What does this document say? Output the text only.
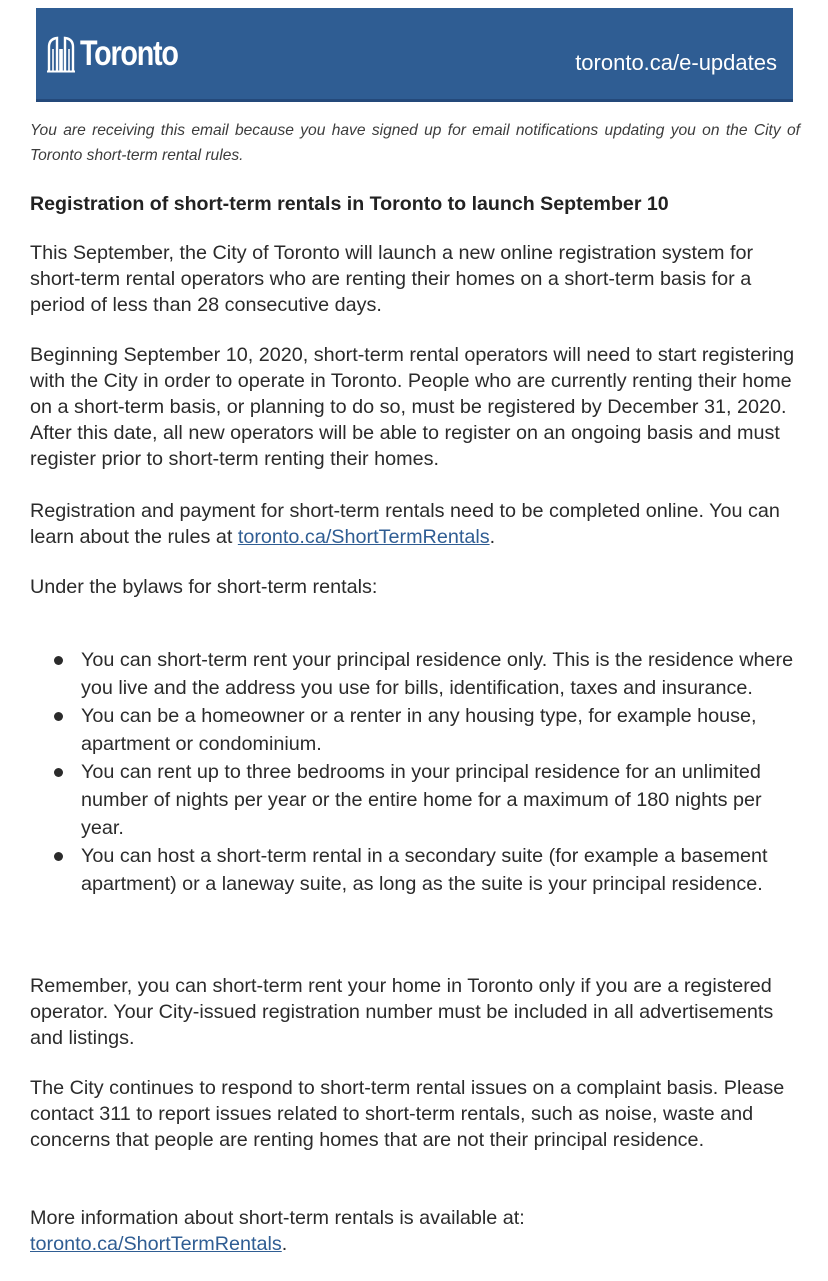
Toronto	toronto.ca/e-updates

You are receiving this email because you have signed up for email notifications updating you on the City of Toronto short-term rental rules.

Registration of short-term rentals in Toronto to launch September 10

This September, the City of Toronto will launch a new online registration system for short-term rental operators who are renting their homes on a short-term basis for a period of less than 28 consecutive days.

Beginning September 10, 2020, short-term rental operators will need to start registering with the City in order to operate in Toronto. People who are currently renting their home on a short-term basis, or planning to do so, must be registered by December 31, 2020. After this date, all new operators will be able to register on an ongoing basis and must register prior to short-term renting their homes.

Registration and payment for short-term rentals need to be completed online. You can learn about the rules at toronto.ca/ShortTermRentals.

Under the bylaws for short-term rentals:

You can short-term rent your principal residence only. This is the residence where you live and the address you use for bills, identification, taxes and insurance.
You can be a homeowner or a renter in any housing type, for example house, apartment or condominium.
You can rent up to three bedrooms in your principal residence for an unlimited number of nights per year or the entire home for a maximum of 180 nights per year.
You can host a short-term rental in a secondary suite (for example a basement apartment) or a laneway suite, as long as the suite is your principal residence.

Remember, you can short-term rent your home in Toronto only if you are a registered operator. Your City-issued registration number must be included in all advertisements and listings.

The City continues to respond to short-term rental issues on a complaint basis. Please contact 311 to report issues related to short-term rentals, such as noise, waste and concerns that people are renting homes that are not their principal residence.

More information about short-term rentals is available at:
toronto.ca/ShortTermRentals.
